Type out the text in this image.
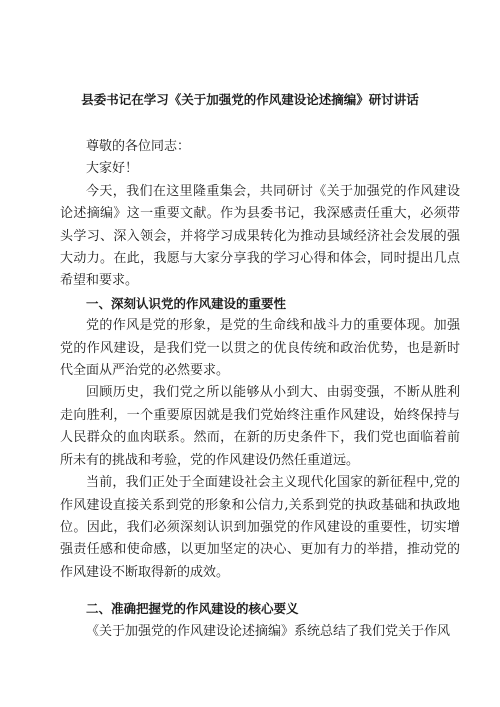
县委书记在学习《关于加强党的作风建设论述摘编》研讨讲话

尊敬的各位同志：

大家好！

今天，我们在这里隆重集会，共同研讨《关于加强党的作风建设论述摘编》这一重要文献。作为县委书记，我深感责任重大，必须带头学习、深入领会，并将学习成果转化为推动县域经济社会发展的强大动力。在此，我愿与大家分享我的学习心得和体会，同时提出几点希望和要求。

一、深刻认识党的作风建设的重要性

党的作风是党的形象，是党的生命线和战斗力的重要体现。加强党的作风建设，是我们党一以贯之的优良传统和政治优势，也是新时代全面从严治党的必然要求。

回顾历史，我们党之所以能够从小到大、由弱变强，不断从胜利走向胜利，一个重要原因就是我们党始终注重作风建设，始终保持与人民群众的血肉联系。然而，在新的历史条件下，我们党也面临着前所未有的挑战和考验，党的作风建设仍然任重道远。

当前，我们正处于全面建设社会主义现代化国家的新征程中,党的作风建设直接关系到党的形象和公信力,关系到党的执政基础和执政地位。因此，我们必须深刻认识到加强党的作风建设的重要性，切实增强责任感和使命感，以更加坚定的决心、更加有力的举措，推动党的作风建设不断取得新的成效。

二、准确把握党的作风建设的核心要义

《关于加强党的作风建设论述摘编》系统总结了我们党关于作风
